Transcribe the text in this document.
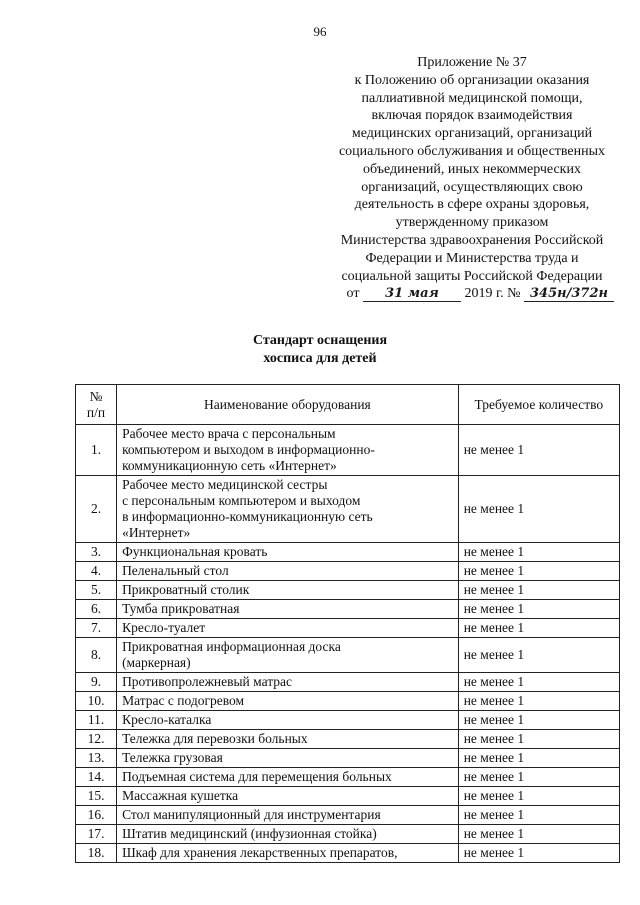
96
Приложение № 37
к Положению об организации оказания
паллиативной медицинской помощи,
включая порядок взаимодействия
медицинских организаций, организаций
социального обслуживания и общественных
объединений, иных некоммерческих
организаций, осуществляющих свою
деятельность в сфере охраны здоровья,
утвержденному приказом
Министерства здравоохранения Российской
Федерации и Министерства труда и
социальной защиты Российской Федерации
от 31 мая 2019 г. № 345н/372н
Стандарт оснащения
хосписа для детей
№
п/п	Наименование оборудования	Требуемое количество
1.	Рабочее место врача с персональным
компьютером и выходом в информационно-
коммуникационную сеть «Интернет»	не менее 1
2.	Рабочее место медицинской сестры
с персональным компьютером и выходом
в информационно-коммуникационную сеть
«Интернет»	не менее 1
3.	Функциональная кровать	не менее 1
4.	Пеленальный стол	не менее 1
5.	Прикроватный столик	не менее 1
6.	Тумба прикроватная	не менее 1
7.	Кресло-туалет	не менее 1
8.	Прикроватная информационная доска
(маркерная)	не менее 1
9.	Противопролежневый матрас	не менее 1
10.	Матрас с подогревом	не менее 1
11.	Кресло-каталка	не менее 1
12.	Тележка для перевозки больных	не менее 1
13.	Тележка грузовая	не менее 1
14.	Подъемная система для перемещения больных	не менее 1
15.	Массажная кушетка	не менее 1
16.	Стол манипуляционный для инструментария	не менее 1
17.	Штатив медицинский (инфузионная стойка)	не менее 1
18.	Шкаф для хранения лекарственных препаратов,	не менее 1
